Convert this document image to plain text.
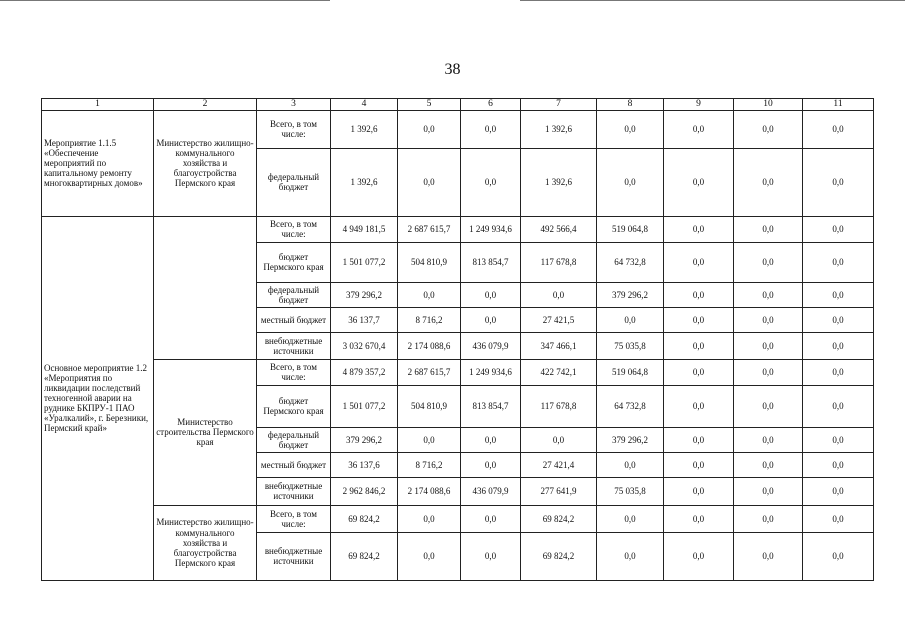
38
1	2	3	4	5	6	7	8	9	10	11
Мероприятие 1.1.5 «Обеспечение мероприятий по капитальному ремонту многоквартирных домов»	Министерство жилищно-коммунального хозяйства и благоустройства Пермского края	Всего, в том числе:	1 392,6	0,0	0,0	1 392,6	0,0	0,0	0,0	0,0
		федеральный бюджет	1 392,6	0,0	0,0	1 392,6	0,0	0,0	0,0	0,0
Основное мероприятие 1.2 «Мероприятия по ликвидации последствий техногенной аварии на руднике БКПРУ-1 ПАО «Уралкалий», г. Березники, Пермский край»		Всего, в том числе:	4 949 181,5	2 687 615,7	1 249 934,6	492 566,4	519 064,8	0,0	0,0	0,0
		бюджет Пермского края	1 501 077,2	504 810,9	813 854,7	117 678,8	64 732,8	0,0	0,0	0,0
		федеральный бюджет	379 296,2	0,0	0,0	0,0	379 296,2	0,0	0,0	0,0
		местный бюджет	36 137,7	8 716,2	0,0	27 421,5	0,0	0,0	0,0	0,0
		внебюджетные источники	3 032 670,4	2 174 088,6	436 079,9	347 466,1	75 035,8	0,0	0,0	0,0
	Министерство строительства Пермского края	Всего, в том числе:	4 879 357,2	2 687 615,7	1 249 934,6	422 742,1	519 064,8	0,0	0,0	0,0
		бюджет Пермского края	1 501 077,2	504 810,9	813 854,7	117 678,8	64 732,8	0,0	0,0	0,0
		федеральный бюджет	379 296,2	0,0	0,0	0,0	379 296,2	0,0	0,0	0,0
		местный бюджет	36 137,6	8 716,2	0,0	27 421,4	0,0	0,0	0,0	0,0
		внебюджетные источники	2 962 846,2	2 174 088,6	436 079,9	277 641,9	75 035,8	0,0	0,0	0,0
	Министерство жилищно-коммунального хозяйства и благоустройства Пермского края	Всего, в том числе:	69 824,2	0,0	0,0	69 824,2	0,0	0,0	0,0	0,0
		внебюджетные источники	69 824,2	0,0	0,0	69 824,2	0,0	0,0	0,0	0,0
